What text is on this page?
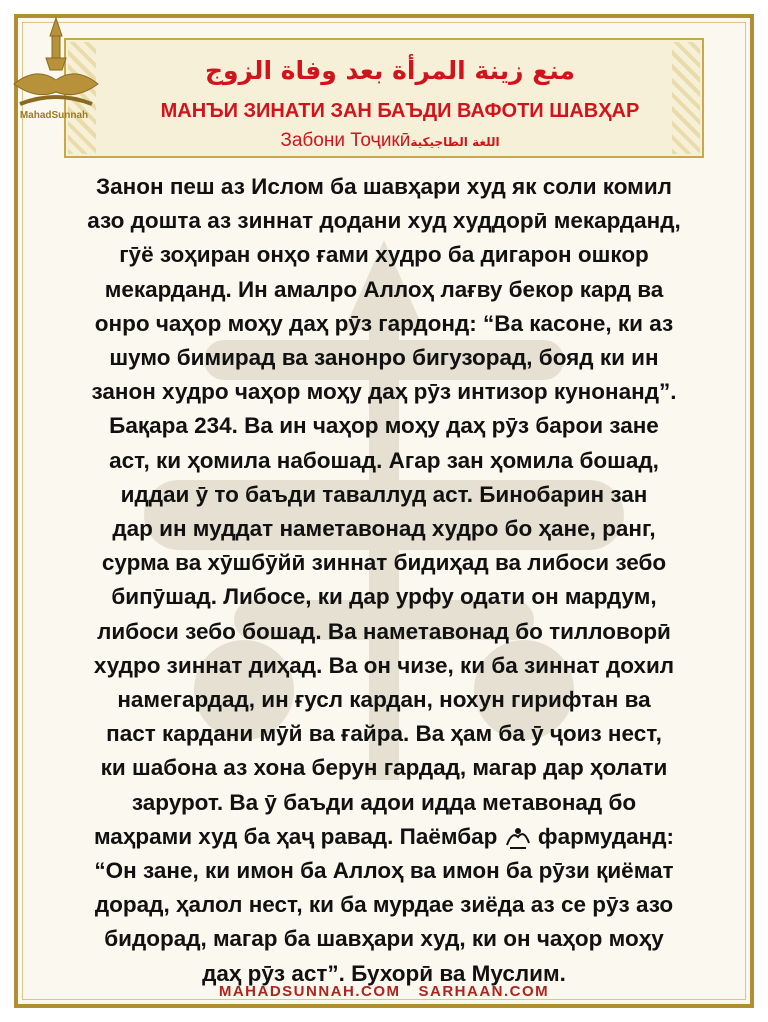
MahadSunnah
منع زينة المرأة بعد وفاة الزوج
МАНЪИ ЗИНАТИ ЗАН БАЪДИ ВАФОТИ ШАВҲАР
Забони Тоҷикӣاللغة الطاجيكية
Занон пеш аз Ислом ба шавҳари худ як соли комил
азо дошта аз зиннат додани худ худдорӣ мекарданд,
гӯё зоҳиран онҳо ғами худро ба дигарон ошкор
мекарданд. Ин амалро Аллоҳ лағву бекор кард ва
онро чаҳор моҳу даҳ рӯз гардонд: “Ва касоне, ки аз
шумо бимирад ва занонро бигузорад, бояд ки ин
занон худро чаҳор моҳу даҳ рӯз интизор кунонанд”.
Бақара 234. Ва ин чаҳор моҳу даҳ рӯз барои зане
аст, ки ҳомила набошад. Агар зан ҳомила бошад,
иддаи ӯ то баъди таваллуд аст. Бинобарин зан
дар ин муддат наметавонад худро бо ҳане, ранг,
сурма ва хӯшбӯйӣ зиннат бидиҳад ва либоси зебо
бипӯшад. Либосе, ки дар урфу одати он мардум,
либоси зебо бошад. Ва наметавонад бо тилловорӣ
худро зиннат диҳад. Ва он чизе, ки ба зиннат дохил
намегардад, ин ғусл кардан, нохун гирифтан ва
паст кардани мӯй ва ғайра. Ва ҳам ба ӯ ҷоиз нест,
ки шабона аз хона берун гардад, магар дар ҳолати
зарурот. Ва ӯ баъди адои идда метавонад бо
маҳрами худ ба ҳаҷ равад. Паёмбар фармуданд:
“Он зане, ки имон ба Аллоҳ ва имон ба рӯзи қиёмат
дорад, ҳалол нест, ки ба мурдае зиёда аз се рӯз азо
бидорад, магар ба шавҳари худ, ки он чаҳор моҳу
даҳ рӯз аст”. Бухорӣ ва Муслим.
MAHADSUNNAH.COM SARHAAN.COM
